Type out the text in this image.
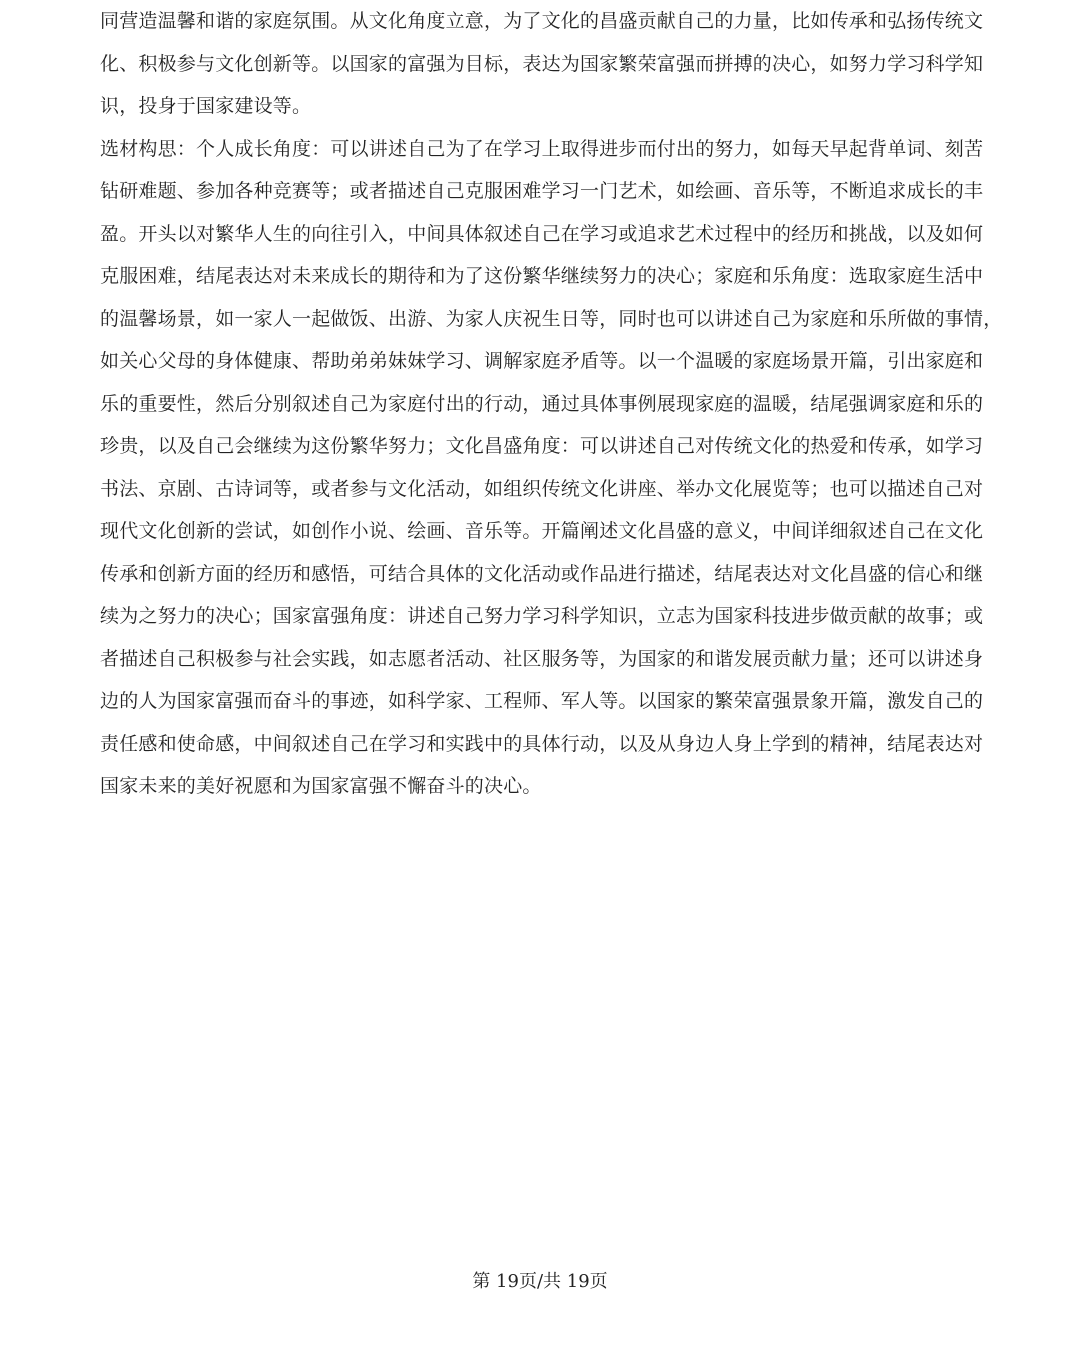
同营造温馨和谐的家庭氛围。从文化角度立意，为了文化的昌盛贡献自己的力量，比如传承和弘扬传统文
化、积极参与文化创新等。以国家的富强为目标，表达为国家繁荣富强而拼搏的决心，如努力学习科学知
识，投身于国家建设等。
选材构思：个人成长角度：可以讲述自己为了在学习上取得进步而付出的努力，如每天早起背单词、刻苦
钻研难题、参加各种竞赛等；或者描述自己克服困难学习一门艺术，如绘画、音乐等，不断追求成长的丰
盈。开头以对繁华人生的向往引入，中间具体叙述自己在学习或追求艺术过程中的经历和挑战，以及如何
克服困难，结尾表达对未来成长的期待和为了这份繁华继续努力的决心；家庭和乐角度：选取家庭生活中
的温馨场景，如一家人一起做饭、出游、为家人庆祝生日等，同时也可以讲述自己为家庭和乐所做的事情，
如关心父母的身体健康、帮助弟弟妹妹学习、调解家庭矛盾等。以一个温暖的家庭场景开篇，引出家庭和
乐的重要性，然后分别叙述自己为家庭付出的行动，通过具体事例展现家庭的温暖，结尾强调家庭和乐的
珍贵，以及自己会继续为这份繁华努力；文化昌盛角度：可以讲述自己对传统文化的热爱和传承，如学习
书法、京剧、古诗词等，或者参与文化活动，如组织传统文化讲座、举办文化展览等；也可以描述自己对
现代文化创新的尝试，如创作小说、绘画、音乐等。开篇阐述文化昌盛的意义，中间详细叙述自己在文化
传承和创新方面的经历和感悟，可结合具体的文化活动或作品进行描述，结尾表达对文化昌盛的信心和继
续为之努力的决心；国家富强角度：讲述自己努力学习科学知识，立志为国家科技进步做贡献的故事；或
者描述自己积极参与社会实践，如志愿者活动、社区服务等，为国家的和谐发展贡献力量；还可以讲述身
边的人为国家富强而奋斗的事迹，如科学家、工程师、军人等。以国家的繁荣富强景象开篇，激发自己的
责任感和使命感，中间叙述自己在学习和实践中的具体行动，以及从身边人身上学到的精神，结尾表达对
国家未来的美好祝愿和为国家富强不懈奋斗的决心。
第 19页/共 19页
